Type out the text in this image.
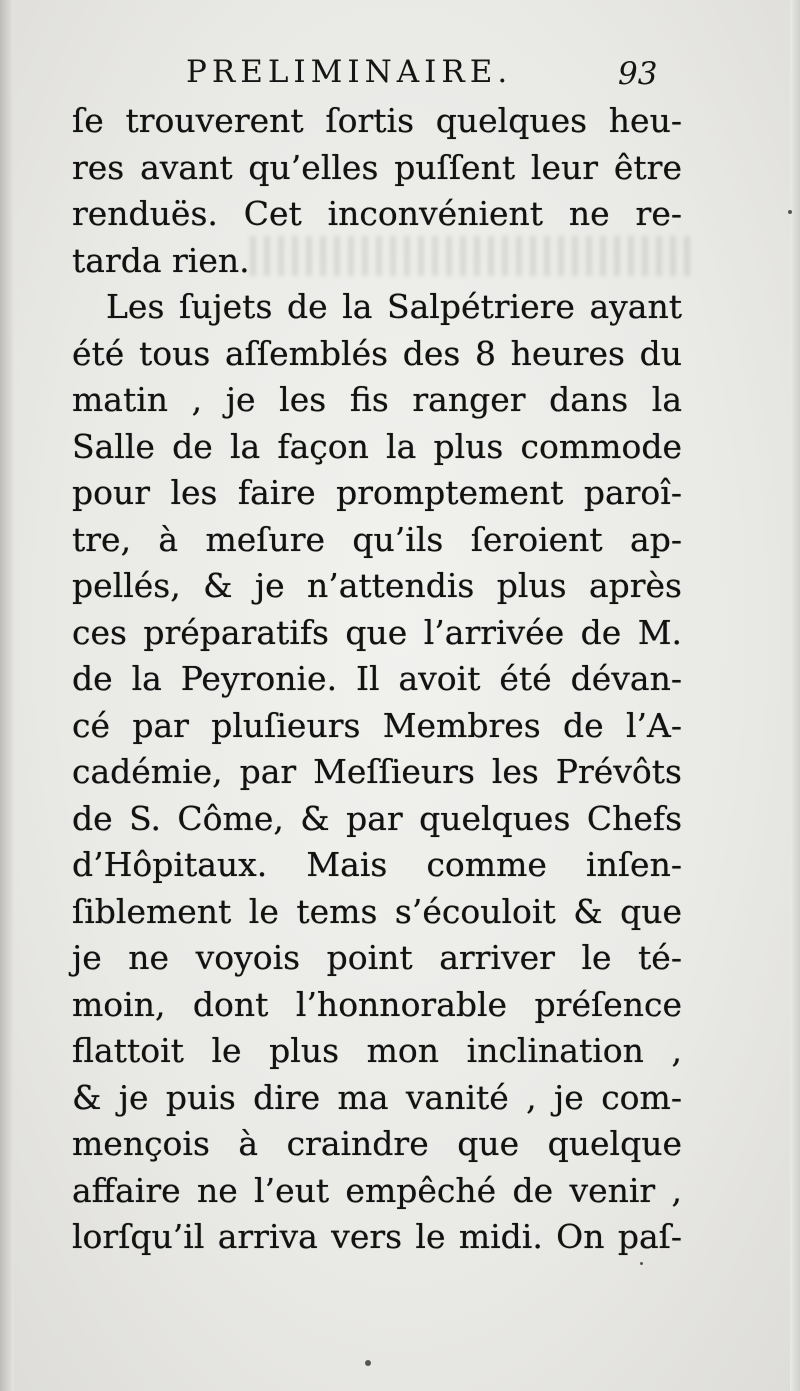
PRELIMINAIRE.	93
ſe trouverent ſortis quelques heu-
res avant qu’elles puſſent leur être
renduës. Cet inconvénient ne re-
tarda rien.
Les ſujets de la Salpétriere ayant
été tous aſſemblés des 8 heures du
matin , je les fis ranger dans la
Salle de la façon la plus commode
pour les faire promptement paroî-
tre, à meſure qu’ils ſeroient ap-
pellés, & je n’attendis plus après
ces préparatifs que l’arrivée de M.
de la Peyronie. Il avoit été dévan-
cé par pluſieurs Membres de l’A-
cadémie, par Meſſieurs les Prévôts
de S. Côme, & par quelques Chefs
d’Hôpitaux. Mais comme inſen-
ſiblement le tems s’écouloit & que
je ne voyois point arriver le té-
moin, dont l’honnorable préſence
flattoit le plus mon inclination ,
& je puis dire ma vanité , je com-
mençois à craindre que quelque
affaire ne l’eut empêché de venir ,
lorſqu’il arriva vers le midi. On paſ-
